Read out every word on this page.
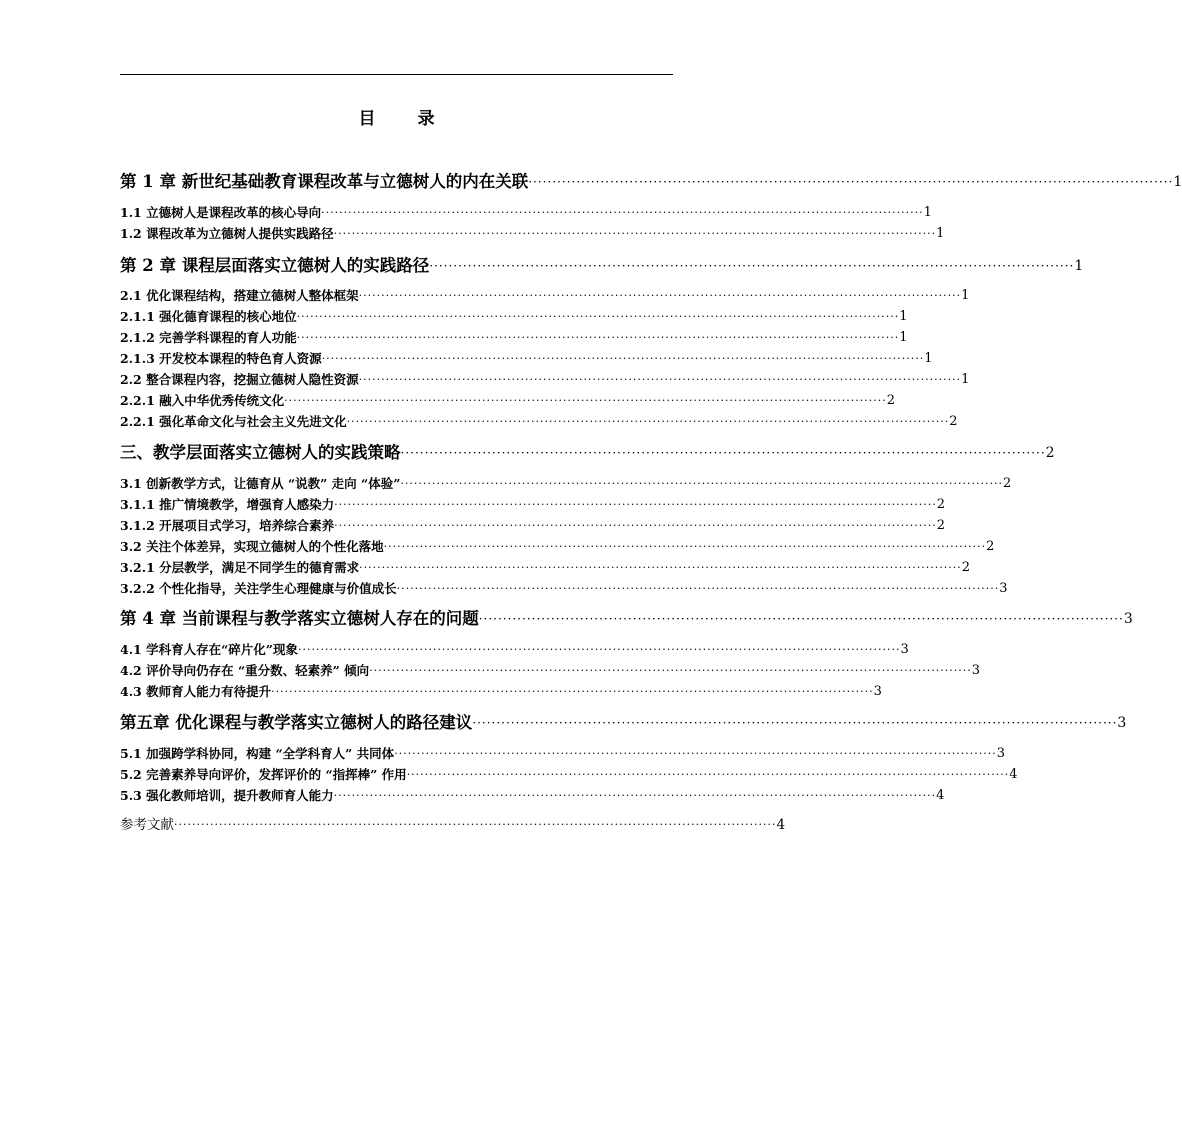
目 录
第 1 章 新世纪基础教育课程改革与立德树人的内在关联 ······································································································································ 1
1.1 立德树人是课程改革的核心导向 ······································································································································ 1
1.2 课程改革为立德树人提供实践路径 ······································································································································ 1
第 2 章 课程层面落实立德树人的实践路径 ······································································································································ 1
2.1 优化课程结构，搭建立德树人整体框架 ······································································································································ 1
2.1.1 强化德育课程的核心地位 ······································································································································ 1
2.1.2 完善学科课程的育人功能 ······································································································································ 1
2.1.3 开发校本课程的特色育人资源 ······································································································································ 1
2.2 整合课程内容，挖掘立德树人隐性资源 ······································································································································ 1
2.2.1 融入中华优秀传统文化 ······································································································································ 2
2.2.1 强化革命文化与社会主义先进文化 ······································································································································ 2
三、教学层面落实立德树人的实践策略 ······································································································································ 2
3.1 创新教学方式，让德育从 “说教” 走向 “体验” ······································································································································ 2
3.1.1 推广情境教学，增强育人感染力 ······································································································································ 2
3.1.2 开展项目式学习，培养综合素养 ······································································································································ 2
3.2 关注个体差异，实现立德树人的个性化落地 ······································································································································ 2
3.2.1 分层教学，满足不同学生的德育需求 ······································································································································ 2
3.2.2 个性化指导，关注学生心理健康与价值成长 ······································································································································ 3
第 4 章 当前课程与教学落实立德树人存在的问题 ······································································································································ 3
4.1 学科育人存在“碎片化”现象 ······································································································································ 3
4.2 评价导向仍存在 “重分数、轻素养” 倾向 ······································································································································ 3
4.3 教师育人能力有待提升 ······································································································································ 3
第五章 优化课程与教学落实立德树人的路径建议 ······································································································································ 3
5.1 加强跨学科协同，构建 “全学科育人” 共同体 ······································································································································ 3
5.2 完善素养导向评价，发挥评价的 “指挥棒” 作用 ······································································································································ 4
5.3 强化教师培训，提升教师育人能力 ······································································································································ 4
参考文献 ······································································································································ 4
